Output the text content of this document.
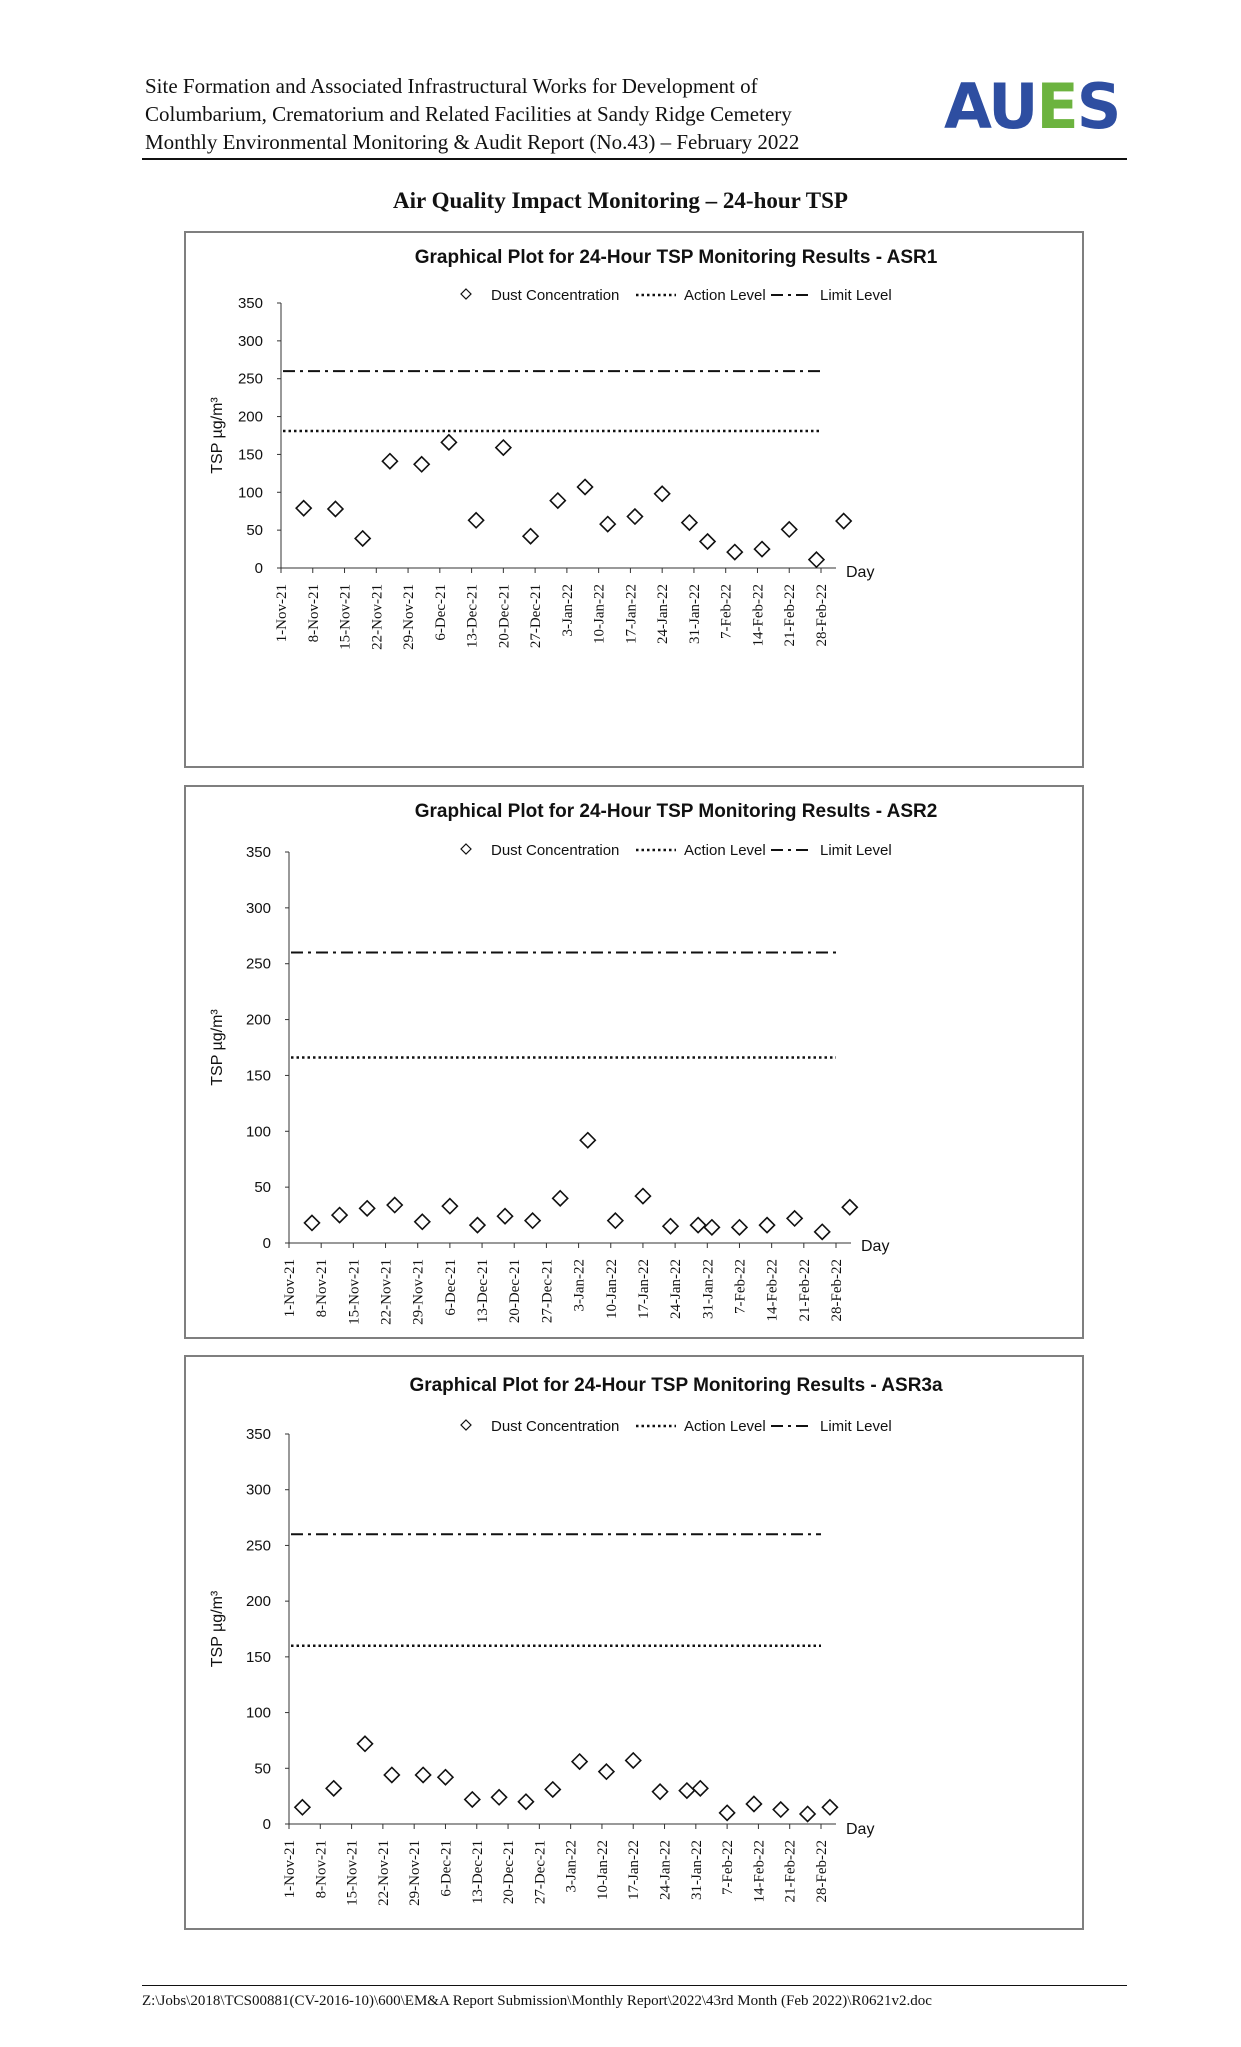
Site Formation and Associated Infrastructural Works for Development of
Columbarium, Crematorium and Related Facilities at Sandy Ridge Cemetery
Monthly Environmental Monitoring & Audit Report (No.43) – February 2022	AUES
Air Quality Impact Monitoring – 24-hour TSP
Graphical Plot for 24-Hour TSP Monitoring Results - ASR1
0
50
100
150
200
250
300
350
TSP µg/m³
1-Nov-21 8-Nov-21 15-Nov-21 22-Nov-21 29-Nov-21 6-Dec-21 13-Dec-21 20-Dec-21 27-Dec-21 3-Jan-22 10-Jan-22 17-Jan-22 24-Jan-22 31-Jan-22 7-Feb-22 14-Feb-22 21-Feb-22 28-Feb-22
Day
Dust Concentration	Action Level	Limit Level
Graphical Plot for 24-Hour TSP Monitoring Results - ASR2
0
50
100
150
200
250
300
350
TSP µg/m³
1-Nov-21 8-Nov-21 15-Nov-21 22-Nov-21 29-Nov-21 6-Dec-21 13-Dec-21 20-Dec-21 27-Dec-21 3-Jan-22 10-Jan-22 17-Jan-22 24-Jan-22 31-Jan-22 7-Feb-22 14-Feb-22 21-Feb-22 28-Feb-22
Day
Dust Concentration	Action Level	Limit Level
Graphical Plot for 24-Hour TSP Monitoring Results - ASR3a
0
50
100
150
200
250
300
350
TSP µg/m³
1-Nov-21 8-Nov-21 15-Nov-21 22-Nov-21 29-Nov-21 6-Dec-21 13-Dec-21 20-Dec-21 27-Dec-21 3-Jan-22 10-Jan-22 17-Jan-22 24-Jan-22 31-Jan-22 7-Feb-22 14-Feb-22 21-Feb-22 28-Feb-22
Day
Dust Concentration	Action Level	Limit Level
Z:\Jobs\2018\TCS00881(CV-2016-10)\600\EM&A Report Submission\Monthly Report\2022\43rd Month (Feb 2022)\R0621v2.doc
